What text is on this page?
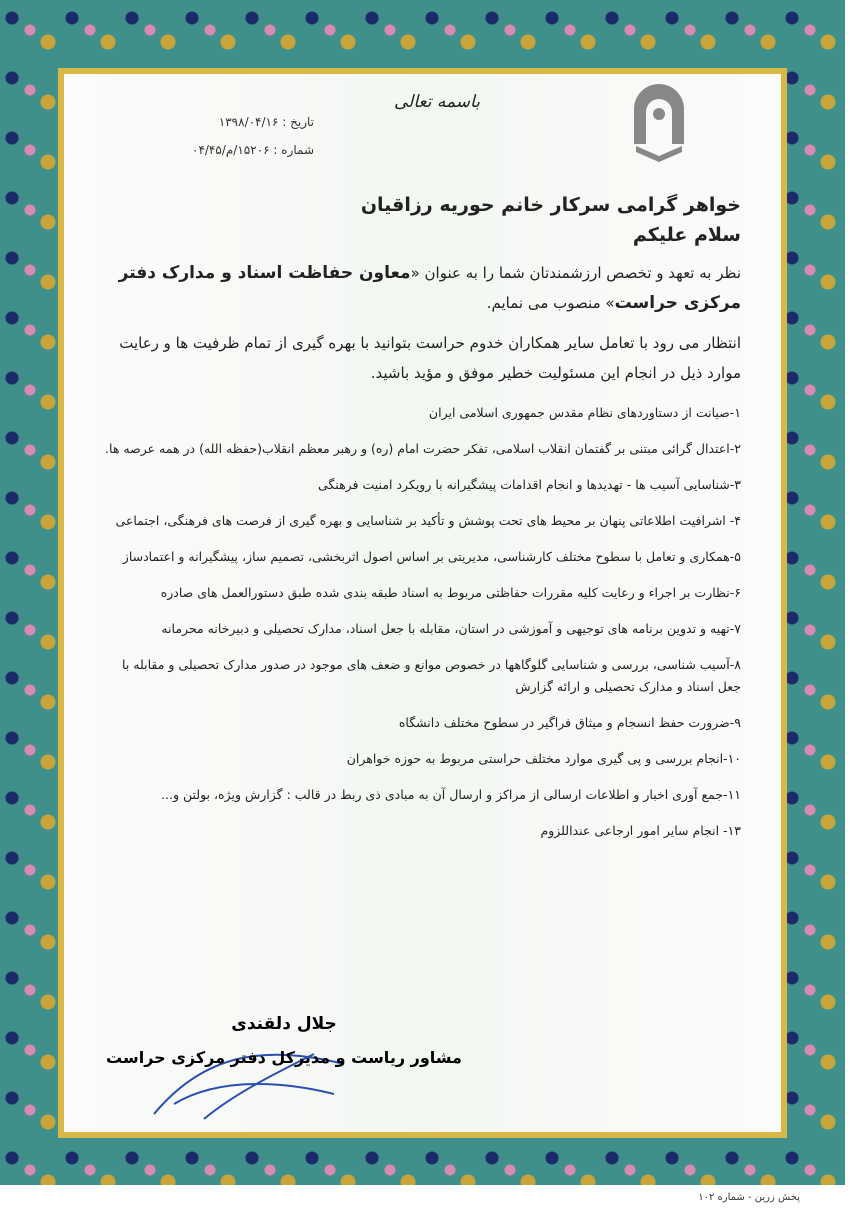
باسمه تعالی
تاریخ : ۱۳۹۸/۰۴/۱۶
شماره : ۱۵۲۰۶/م/۰۴/۴۵

خواهر گرامی سرکار خانم حوریه رزاقیان

سلام علیکم

نظر به تعهد و تخصص ارزشمندتان شما را به عنوان «معاون حفاظت اسناد و مدارک دفتر مرکزی حراست» منصوب می نمایم.

انتظار می رود با تعامل سایر همکاران خدوم حراست بتوانید با بهره گیری از تمام ظرفیت ها و رعایت موارد ذیل در انجام این مسئولیت خطیر موفق و مؤید باشید.

۱-صیانت از دستاوردهای نظام مقدس جمهوری اسلامی ایران

۲-اعتدال گرائی مبتنی بر گفتمان انقلاب اسلامی، تفکر حضرت امام (ره) و رهبر معظم انقلاب(حفظه الله) در همه عرصه ها.

۳-شناسایی آسیب ها - تهدیدها و انجام اقدامات پیشگیرانه با رویکرد امنیت فرهنگی

۴- اشرافیت اطلاعاتی پنهان بر محیط های تحت پوشش و تأکید بر شناسایی و بهره گیری از فرصت های فرهنگی، اجتماعی

۵-همکاری و تعامل با سطوح مختلف کارشناسی، مدیریتی بر اساس اصول اثربخشی، تصمیم ساز، پیشگیرانه و اعتمادساز

۶-نظارت بر اجراء و رعایت کلیه مقررات حفاظتی مربوط به اسناد طبقه بندی شده طبق دستورالعمل های صادره

۷-تهیه و تدوین برنامه های توجیهی و آموزشی در استان، مقابله با جعل اسناد، مدارک تحصیلی و دبیرخانه محرمانه

۸-آسیب شناسی، بررسی و شناسایی گلوگاهها در خصوص موانع و ضعف های موجود در صدور مدارک تحصیلی و مقابله با جعل اسناد و مدارک تحصیلی و ارائه گزارش

۹-ضرورت حفظ انسجام و میثاق فراگیر در سطوح مختلف دانشگاه

۱۰-انجام بررسی و پی گیری موارد مختلف حراستی مربوط به حوزه خواهران

۱۱-جمع آوری اخبار و اطلاعات ارسالی از مراکز و ارسال آن به مبادی ذی ربط در قالب : گزارش ویژه، بولتن و...

۱۳- انجام سایر امور ارجاعی عنداللزوم

جلال دلقندی
مشاور ریاست و مدیرکل دفتر مرکزی حراست
پخش زرین - شماره ۱۰۲
